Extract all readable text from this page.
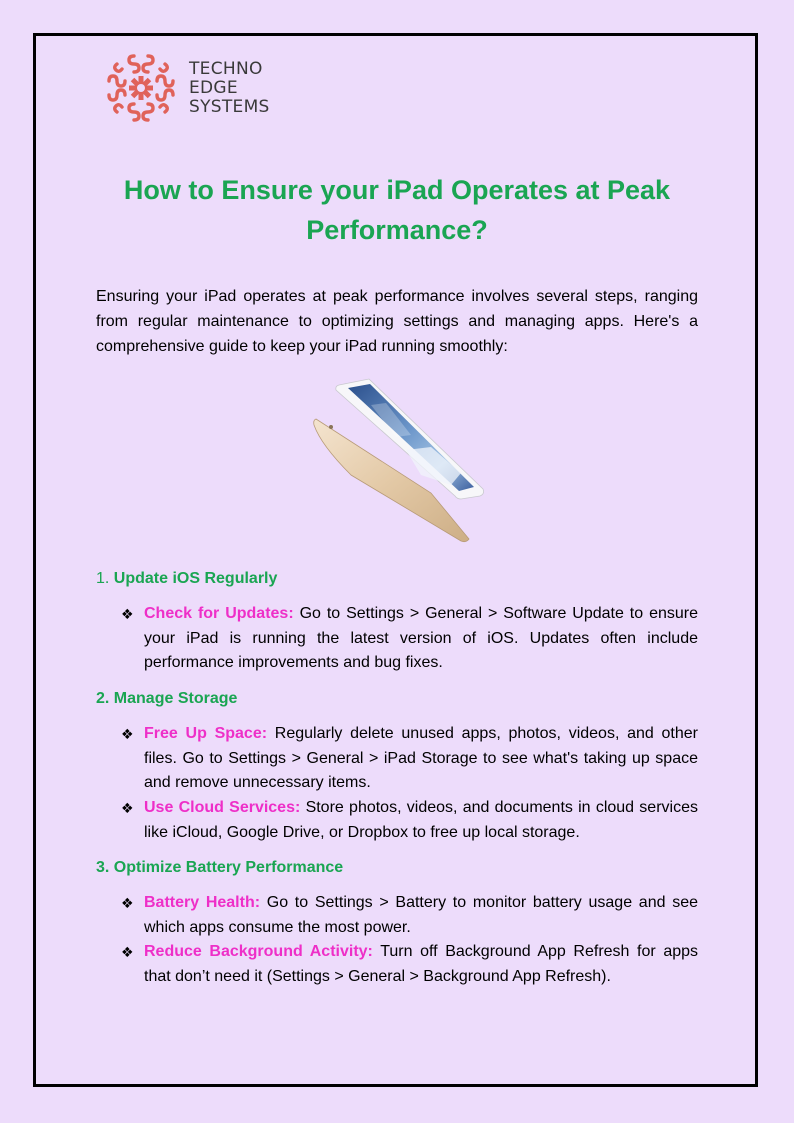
TECHNO
EDGE
SYSTEMS
How to Ensure your iPad Operates at Peak Performance?

Ensuring your iPad operates at peak performance involves several steps, ranging from regular maintenance to optimizing settings and managing apps. Here's a comprehensive guide to keep your iPad running smoothly:

1. Update iOS Regularly
❖ Check for Updates: Go to Settings > General > Software Update to ensure your iPad is running the latest version of iOS. Updates often include performance improvements and bug fixes.
2. Manage Storage
❖ Free Up Space: Regularly delete unused apps, photos, videos, and other files. Go to Settings > General > iPad Storage to see what's taking up space and remove unnecessary items.
❖ Use Cloud Services: Store photos, videos, and documents in cloud services like iCloud, Google Drive, or Dropbox to free up local storage.
3. Optimize Battery Performance
❖ Battery Health: Go to Settings > Battery to monitor battery usage and see which apps consume the most power.
❖ Reduce Background Activity: Turn off Background App Refresh for apps that don’t need it (Settings > General > Background App Refresh).
